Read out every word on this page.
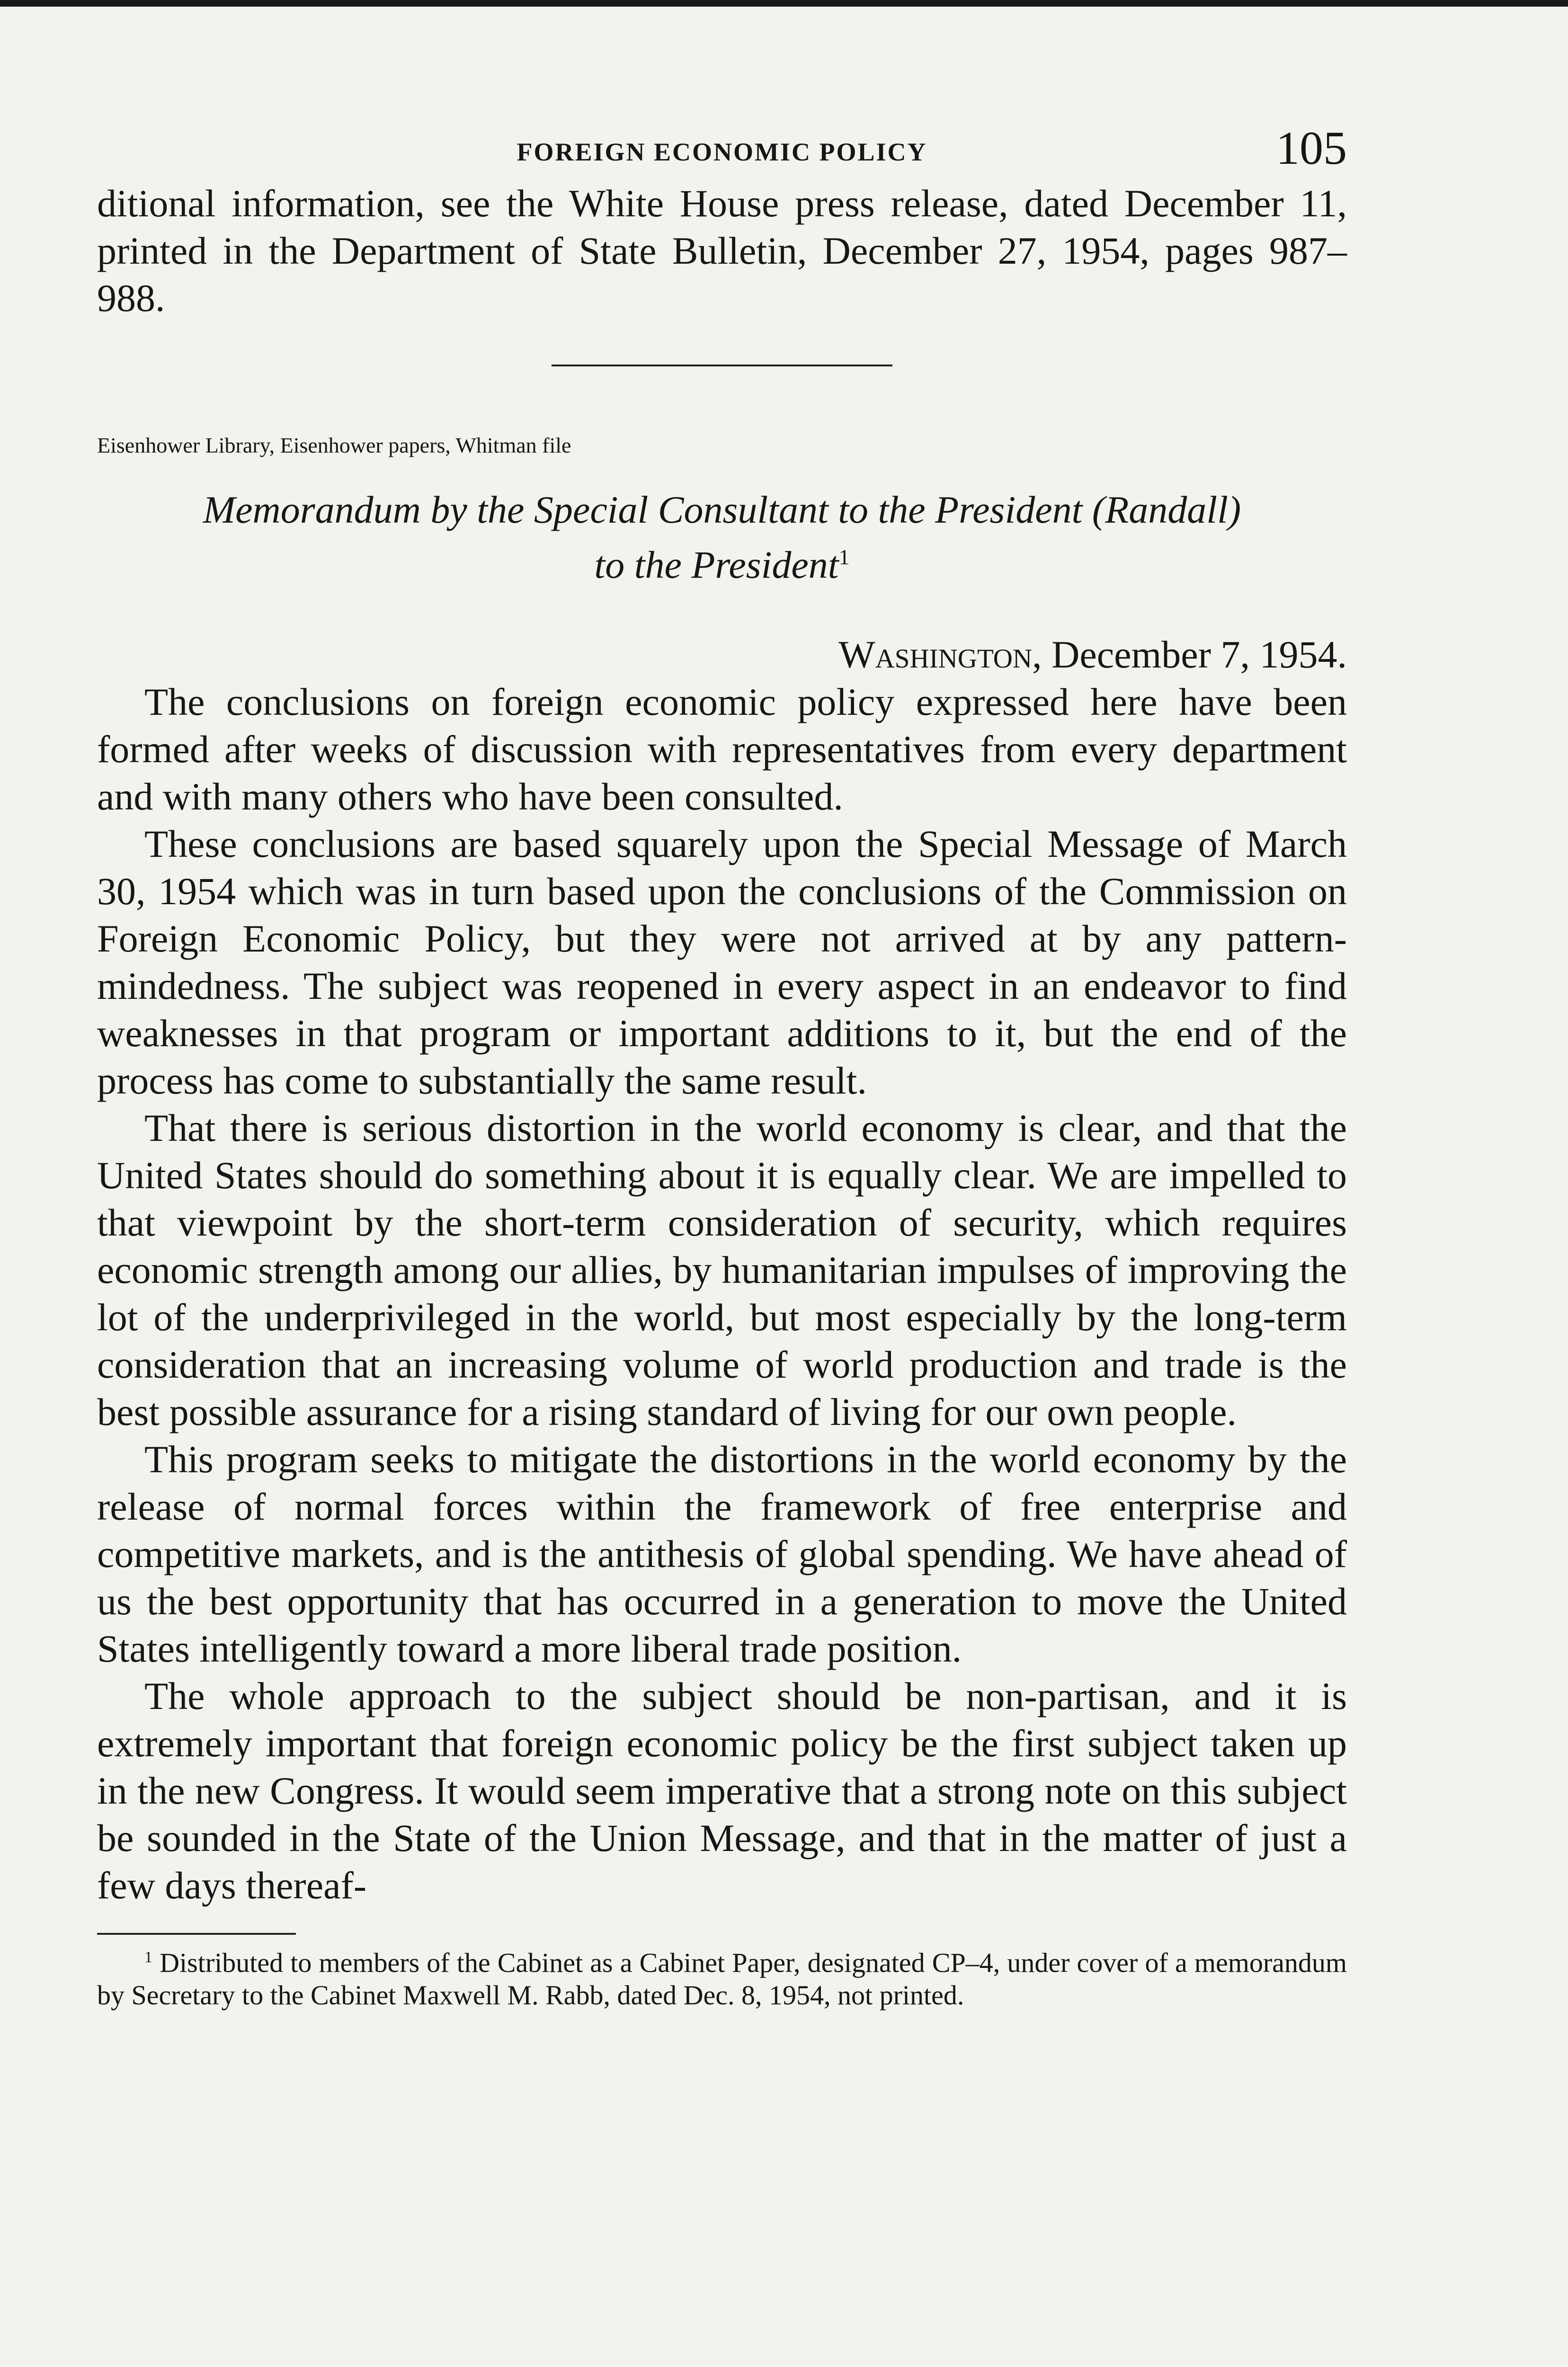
FOREIGN ECONOMIC POLICY	105

ditional information, see the White House press release, dated December 11, printed in the Department of State Bulletin, December 27, 1954, pages 987–988.

Eisenhower Library, Eisenhower papers, Whitman file
Memorandum by the Special Consultant to the President (Randall)
to the President$^1$
Washington, December 7, 1954.

The conclusions on foreign economic policy expressed here have been formed after weeks of discussion with representatives from every department and with many others who have been consulted.

These conclusions are based squarely upon the Special Message of March 30, 1954 which was in turn based upon the conclusions of the Commission on Foreign Economic Policy, but they were not arrived at by any pattern-mindedness. The subject was reopened in every aspect in an endeavor to find weaknesses in that program or important additions to it, but the end of the process has come to substantially the same result.

That there is serious distortion in the world economy is clear, and that the United States should do something about it is equally clear. We are impelled to that viewpoint by the short-term consideration of security, which requires economic strength among our allies, by humanitarian impulses of improving the lot of the underprivileged in the world, but most especially by the long-term consideration that an increasing volume of world production and trade is the best possible assurance for a rising standard of living for our own people.

This program seeks to mitigate the distortions in the world economy by the release of normal forces within the framework of free enterprise and competitive markets, and is the antithesis of global spending. We have ahead of us the best opportunity that has occurred in a generation to move the United States intelligently toward a more liberal trade position.

The whole approach to the subject should be non-partisan, and it is extremely important that foreign economic policy be the first subject taken up in the new Congress. It would seem imperative that a strong note on this subject be sounded in the State of the Union Message, and that in the matter of just a few days thereaf-

$^1$ Distributed to members of the Cabinet as a Cabinet Paper, designated CP–4, under cover of a memorandum by Secretary to the Cabinet Maxwell M. Rabb, dated Dec. 8, 1954, not printed.
